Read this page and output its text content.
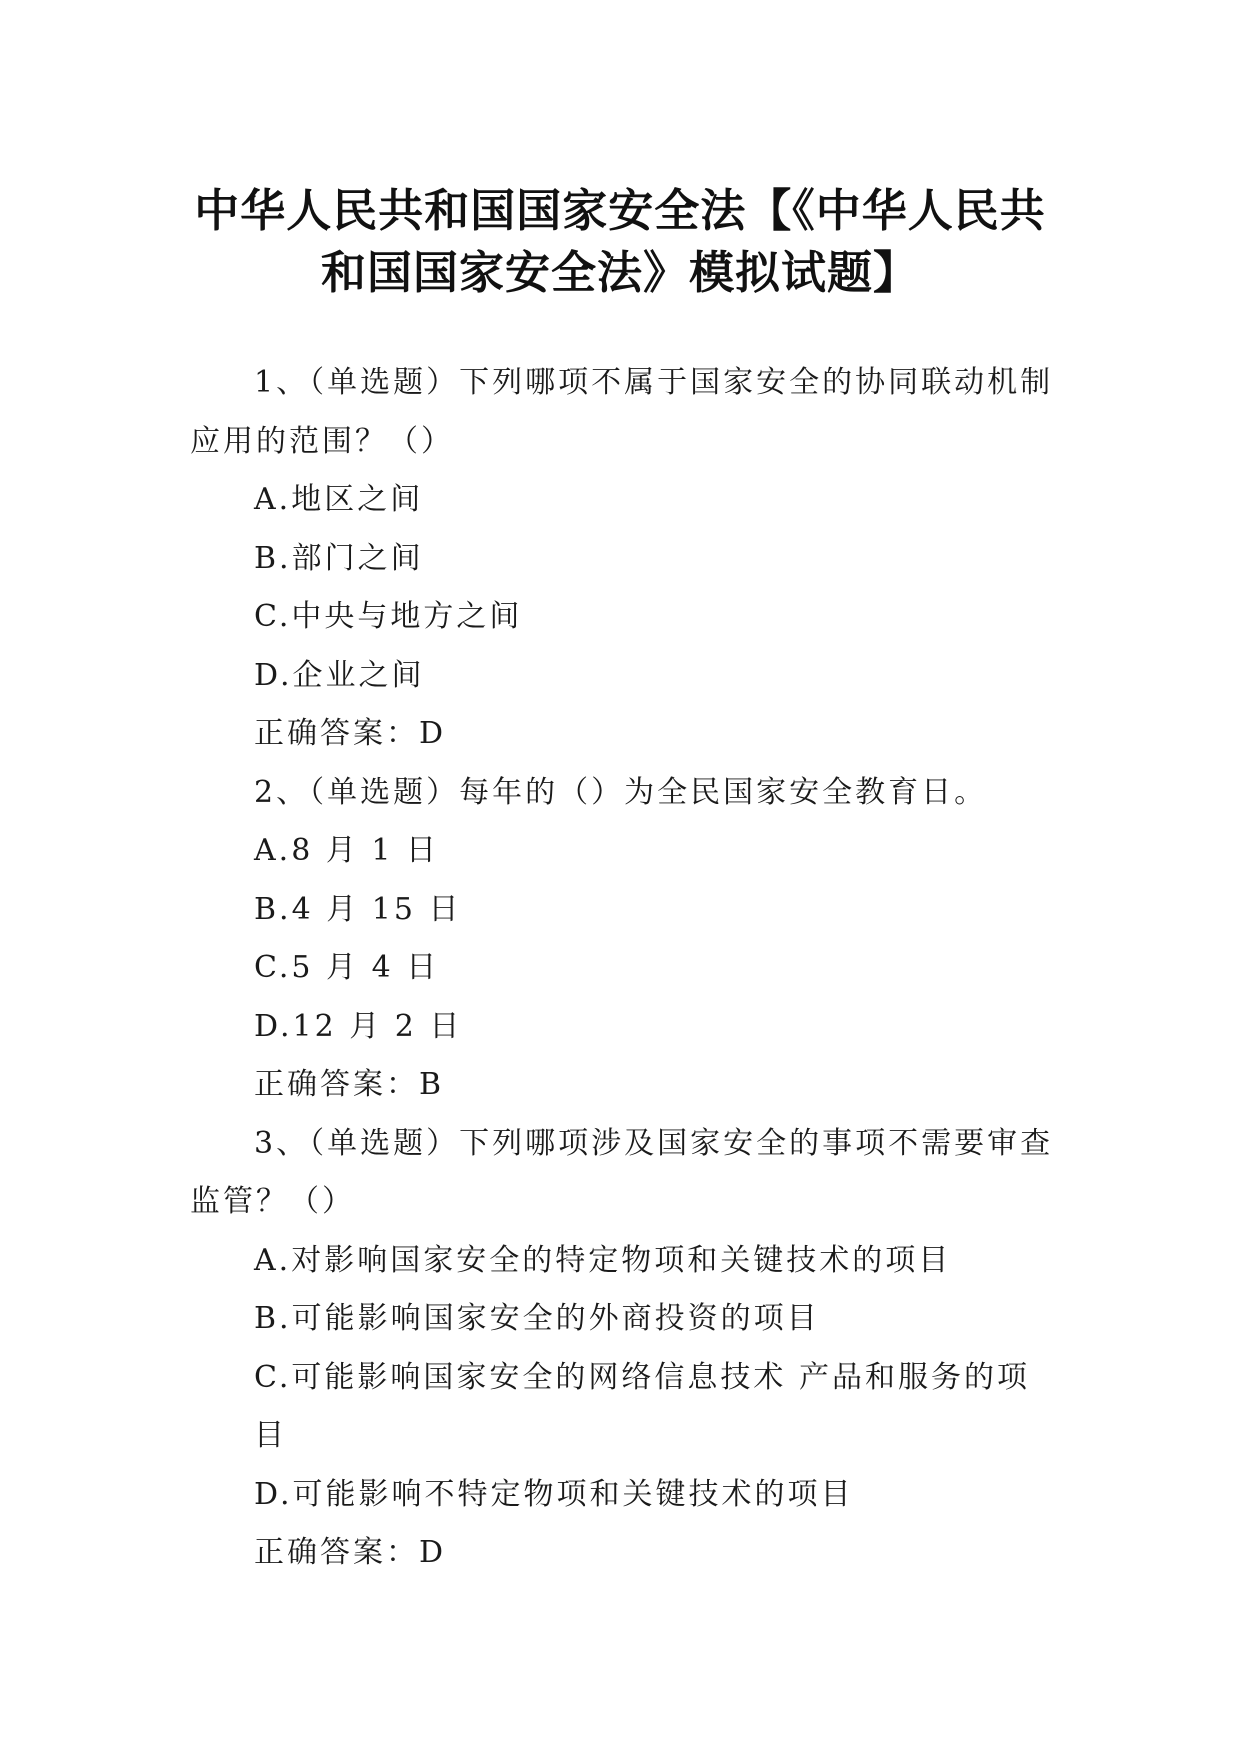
中华人民共和国国家安全法【《中华人民共
和国国家安全法》模拟试题】

1、（单选题）下列哪项不属于国家安全的协同联动机制应用的范围？（）

A.地区之间
B.部门之间
C.中央与地方之间
D.企业之间

正确答案：D

2、（单选题）每年的（）为全民国家安全教育日。

A.8 月 1 日
B.4 月 15 日
C.5 月 4 日
D.12 月 2 日

正确答案：B

3、（单选题）下列哪项涉及国家安全的事项不需要审查监管？（）

A.对影响国家安全的特定物项和关键技术的项目
B.可能影响国家安全的外商投资的项目
C.可能影响国家安全的网络信息技术 产品和服务的项目
D.可能影响不特定物项和关键技术的项目

正确答案：D
